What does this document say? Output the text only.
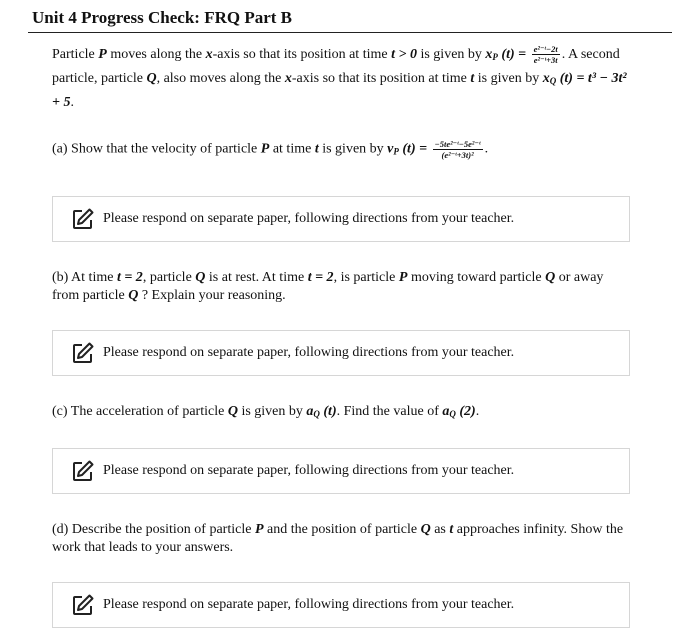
Unit 4 Progress Check: FRQ Part B
Particle P moves along the x-axis so that its position at time t > 0 is given by $x_P$ $(t) = \frac{\text{e²⁻ᵗ−2t}}{\text{e²⁻ᵗ+3t}}$ . A second particle, particle Q, also moves along the x-axis so that its position at time t is given by $x_Q$ (t) = t³ − 3t² + 5.
(a) Show that the velocity of particle P at time t is given by $v_P$ $(t) = \frac{\text{−5te²⁻ᵗ−5e²⁻ᵗ}}{\text{(e²⁻ᵗ+3t)²}}$ .
Please respond on separate paper, following directions from your teacher.
(b) At time t = 2, particle Q is at rest. At time t = 2, is particle P moving toward particle Q or away from particle Q ? Explain your reasoning.
Please respond on separate paper, following directions from your teacher.
(c) The acceleration of particle Q is given by $a_Q$ (t). Find the value of $a_Q$ (2).
Please respond on separate paper, following directions from your teacher.
(d) Describe the position of particle P and the position of particle Q as t approaches infinity. Show the work that leads to your answers.
Please respond on separate paper, following directions from your teacher.
